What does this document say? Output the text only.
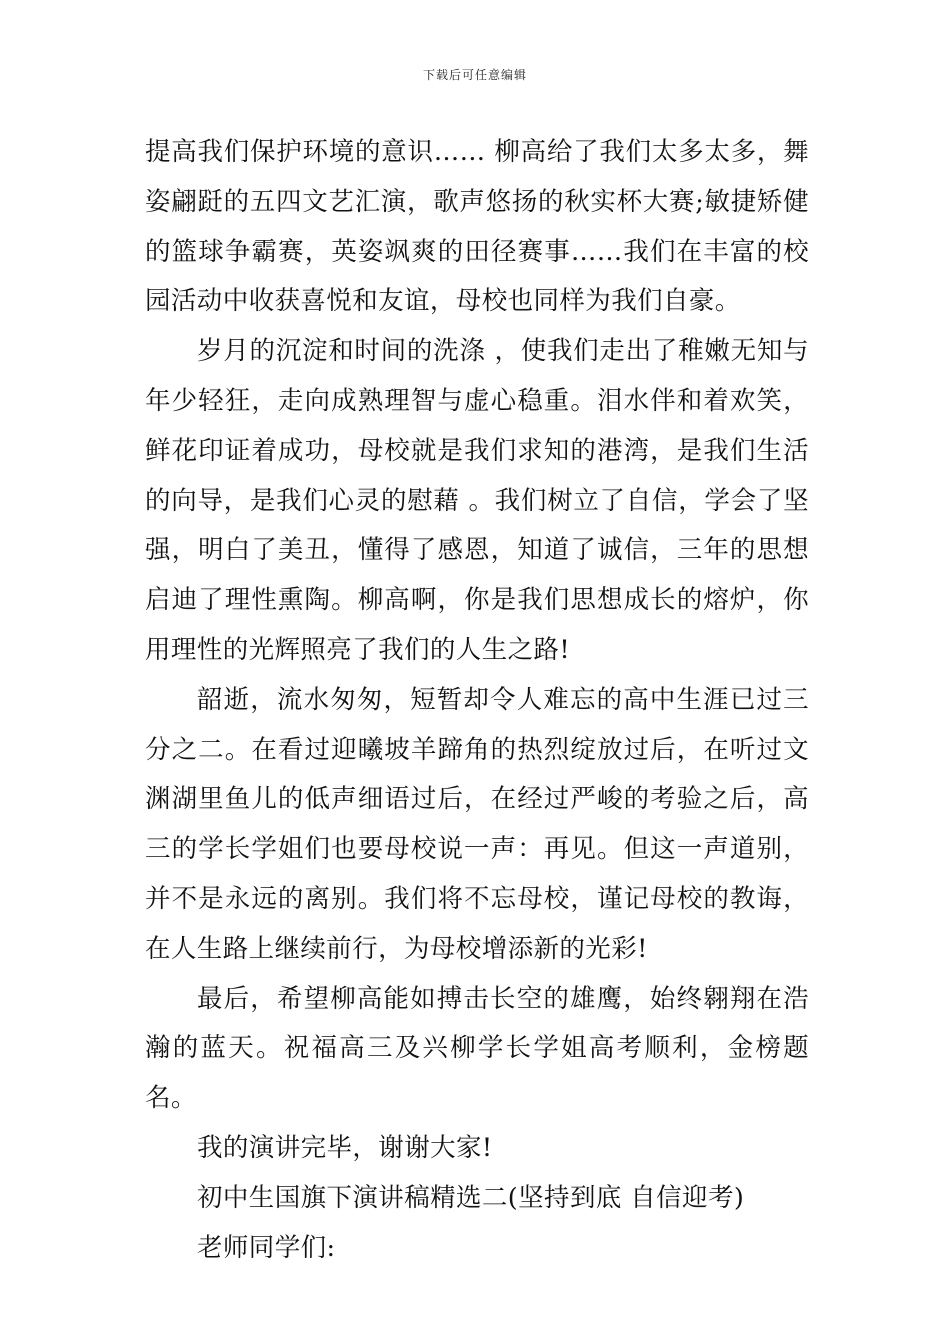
下载后可任意编辑

提高我们保护环境的意识…… 柳高给了我们太多太多，舞姿翩跹的五四文艺汇演，歌声悠扬的秋实杯大赛;敏捷矫健的篮球争霸赛，英姿飒爽的田径赛事……我们在丰富的校园活动中收获喜悦和友谊，母校也同样为我们自豪。

岁月的沉淀和时间的洗涤 ，使我们走出了稚嫩无知与年少轻狂，走向成熟理智与虚心稳重。泪水伴和着欢笑，鲜花印证着成功，母校就是我们求知的港湾，是我们生活的向导，是我们心灵的慰藉 。我们树立了自信，学会了坚强，明白了美丑，懂得了感恩，知道了诚信，三年的思想启迪了理性熏陶。柳高啊，你是我们思想成长的熔炉，你用理性的光辉照亮了我们的人生之路!

韶逝，流水匆匆，短暂却令人难忘的高中生涯已过三分之二。在看过迎曦坡羊蹄角的热烈绽放过后，在听过文渊湖里鱼儿的低声细语过后，在经过严峻的考验之后，高三的学长学姐们也要母校说一声：再见。但这一声道别，并不是永远的离别。我们将不忘母校，谨记母校的教诲，在人生路上继续前行，为母校增添新的光彩!

最后，希望柳高能如搏击长空的雄鹰，始终翱翔在浩瀚的蓝天。祝福高三及兴柳学长学姐高考顺利，金榜题名。

我的演讲完毕，谢谢大家!

初中生国旗下演讲稿精选二(坚持到底 自信迎考)

老师同学们:
